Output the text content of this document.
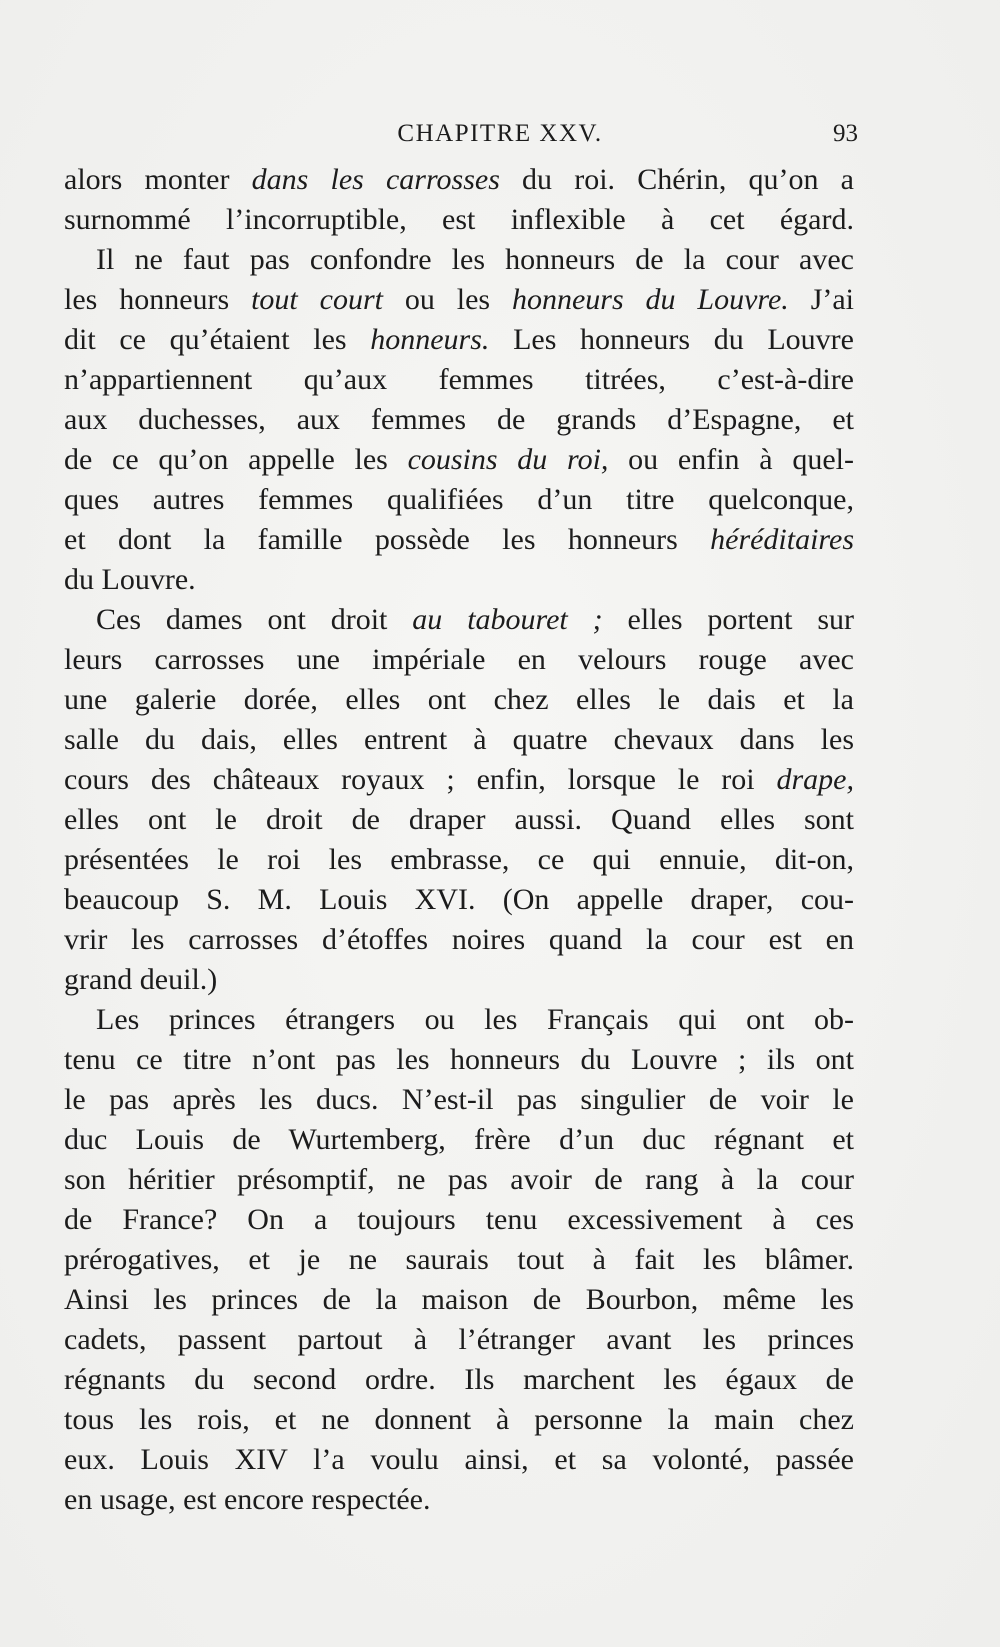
CHAPITRE XXV.	93
alors monter dans les carrosses du roi. Chérin, qu’on a
surnommé l’incorruptible, est inflexible à cet égard.
Il ne faut pas confondre les honneurs de la cour avec
les honneurs tout court ou les honneurs du Louvre. J’ai
dit ce qu’étaient les honneurs. Les honneurs du Louvre
n’appartiennent qu’aux femmes titrées, c’est-à-dire
aux duchesses, aux femmes de grands d’Espagne, et
de ce qu’on appelle les cousins du roi, ou enfin à quel-
ques autres femmes qualifiées d’un titre quelconque,
et dont la famille possède les honneurs héréditaires
du Louvre.
Ces dames ont droit au tabouret ; elles portent sur
leurs carrosses une impériale en velours rouge avec
une galerie dorée, elles ont chez elles le dais et la
salle du dais, elles entrent à quatre chevaux dans les
cours des châteaux royaux ; enfin, lorsque le roi drape,
elles ont le droit de draper aussi. Quand elles sont
présentées le roi les embrasse, ce qui ennuie, dit-on,
beaucoup S. M. Louis XVI. (On appelle draper, cou-
vrir les carrosses d’étoffes noires quand la cour est en
grand deuil.)
Les princes étrangers ou les Français qui ont ob-
tenu ce titre n’ont pas les honneurs du Louvre ; ils ont
le pas après les ducs. N’est-il pas singulier de voir le
duc Louis de Wurtemberg, frère d’un duc régnant et
son héritier présomptif, ne pas avoir de rang à la cour
de France? On a toujours tenu excessivement à ces
prérogatives, et je ne saurais tout à fait les blâmer.
Ainsi les princes de la maison de Bourbon, même les
cadets, passent partout à l’étranger avant les princes
régnants du second ordre. Ils marchent les égaux de
tous les rois, et ne donnent à personne la main chez
eux. Louis XIV l’a voulu ainsi, et sa volonté, passée
en usage, est encore respectée.
